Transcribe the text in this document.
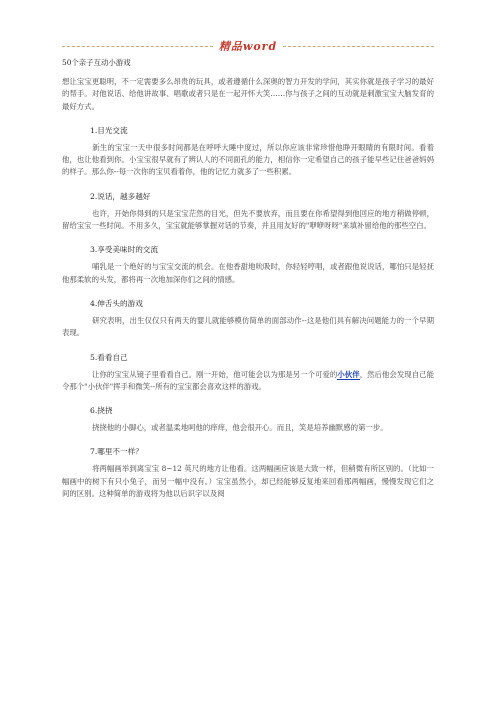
精品word
50个亲子互动小游戏

想让宝宝更聪明，不一定需要多么昂贵的玩具，或者遵循什么深奥的智力开发的学问，其实你就是孩子学习的最好的帮手。对他说话、给他讲故事、唱歌或者只是在一起开怀大笑……你与孩子之间的互动就是刺激宝宝大脑发育的最好方式。

1.目光交流

新生的宝宝一天中很多时间都是在呼呼大睡中度过，所以你应该非常珍惜他睁开眼睛的有限时间。看着他，也让他看到你。小宝宝很早就有了辨认人的不同面孔的能力，相信你一定希望自己的孩子能早些记住爸爸妈妈的样子。那么你--每一次你的宝贝看着你，他的记忆力就多了一些积累。

2.说话，越多越好

也许，开始你得到的只是宝宝茫然的目光，但先不要放弃，而且要在你希望得到他回应的地方稍做停顿，留给宝宝一些时间。不用多久，宝宝就能够掌握对话的节奏，并且用友好的"咿咿呀呀"来填补留给他的那些空白。

3.享受美味时的交流

哺乳是一个绝好的与宝宝交流的机会。在他香甜地吮吸时，你轻轻哼唱，或者跟他说说话，哪怕只是轻抚他那柔软的头发，都将再一次地加深你们之间的情感。

4.伸舌头的游戏

研究表明，出生仅仅只有两天的婴儿就能够模仿简单的面部动作--这是他们具有解决问题能力的一个早期表现。

5.看看自己

让你的宝宝从镜子里看看自己。刚一开始，他可能会以为那是另一个可爱的小伙伴，然后他会发现自己能令那个"小伙伴"挥手和微笑--所有的宝宝都会喜欢这样的游戏。

6.挠挠

挠挠他的小脚心，或者温柔地呵他的痒痒，他会很开心。而且，笑是培养幽默感的第一步。

7.哪里不一样？

将两幅画举到离宝宝 8~12 英尺的地方让他看。这两幅画应该是大致一样，但稍微有所区别的。（比如一幅画中的树下有只小兔子，而另一幅中没有。）宝宝虽然小，却已经能够反复地来回看那两幅画，慢慢发现它们之间的区别。这种简单的游戏将为他以后识字以及阅
